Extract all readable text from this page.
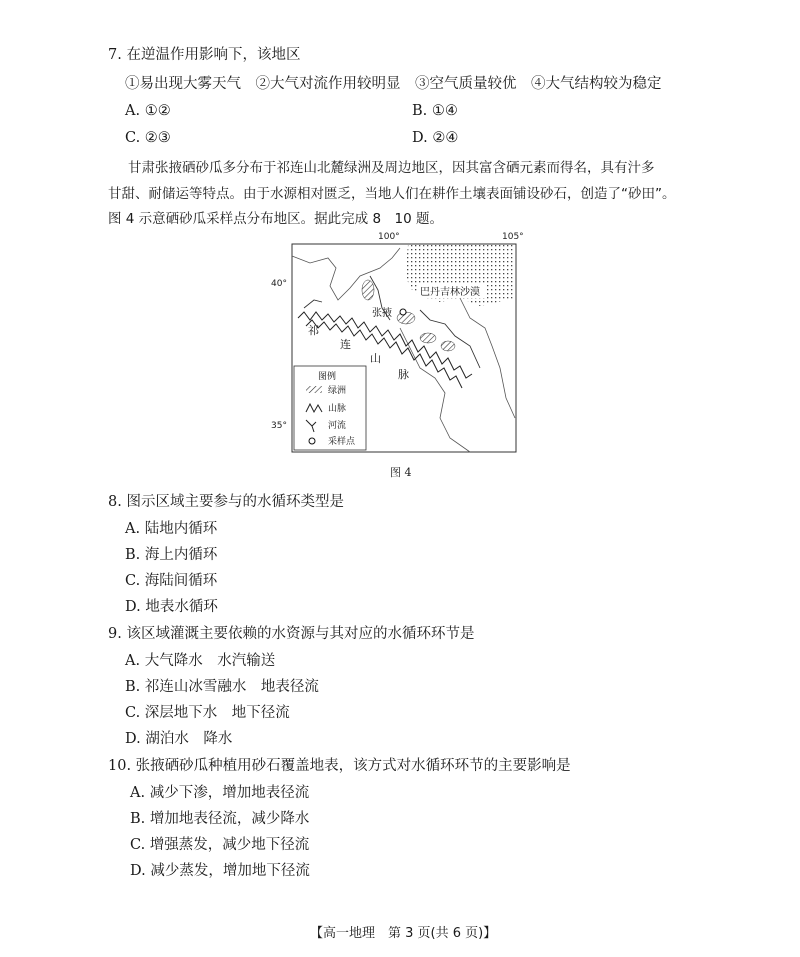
7. 在逆温作用影响下，该地区
①易出现大雾天气　②大气对流作用较明显　③空气质量较优　④大气结构较为稳定
A. ①②	B. ①④
C. ②③	D. ②④
甘肃张掖硒砂瓜多分布于祁连山北麓绿洲及周边地区，因其富含硒元素而得名，具有汁多
甘甜、耐储运等特点。由于水源相对匮乏，当地人们在耕作土壤表面铺设砂石，创造了“砂田”。
图 4 示意硒砂瓜采样点分布地区。据此完成 8　10 题。
100°	105°
40°
35°
巴丹吉林沙漠
祁
连
山
脉
张掖
图例
绿洲
山脉
河流
采样点
图 4
8. 图示区域主要参与的水循环类型是
A. 陆地内循环
B. 海上内循环
C. 海陆间循环
D. 地表水循环
9. 该区域灌溉主要依赖的水资源与其对应的水循环环节是
A. 大气降水　水汽输送
B. 祁连山冰雪融水　地表径流
C. 深层地下水　地下径流
D. 湖泊水　降水
10. 张掖硒砂瓜种植用砂石覆盖地表，该方式对水循环环节的主要影响是
A. 减少下渗，增加地表径流
B. 增加地表径流，减少降水
C. 增强蒸发，减少地下径流
D. 减少蒸发，增加地下径流
【高一地理　第 3 页(共 6 页)】
